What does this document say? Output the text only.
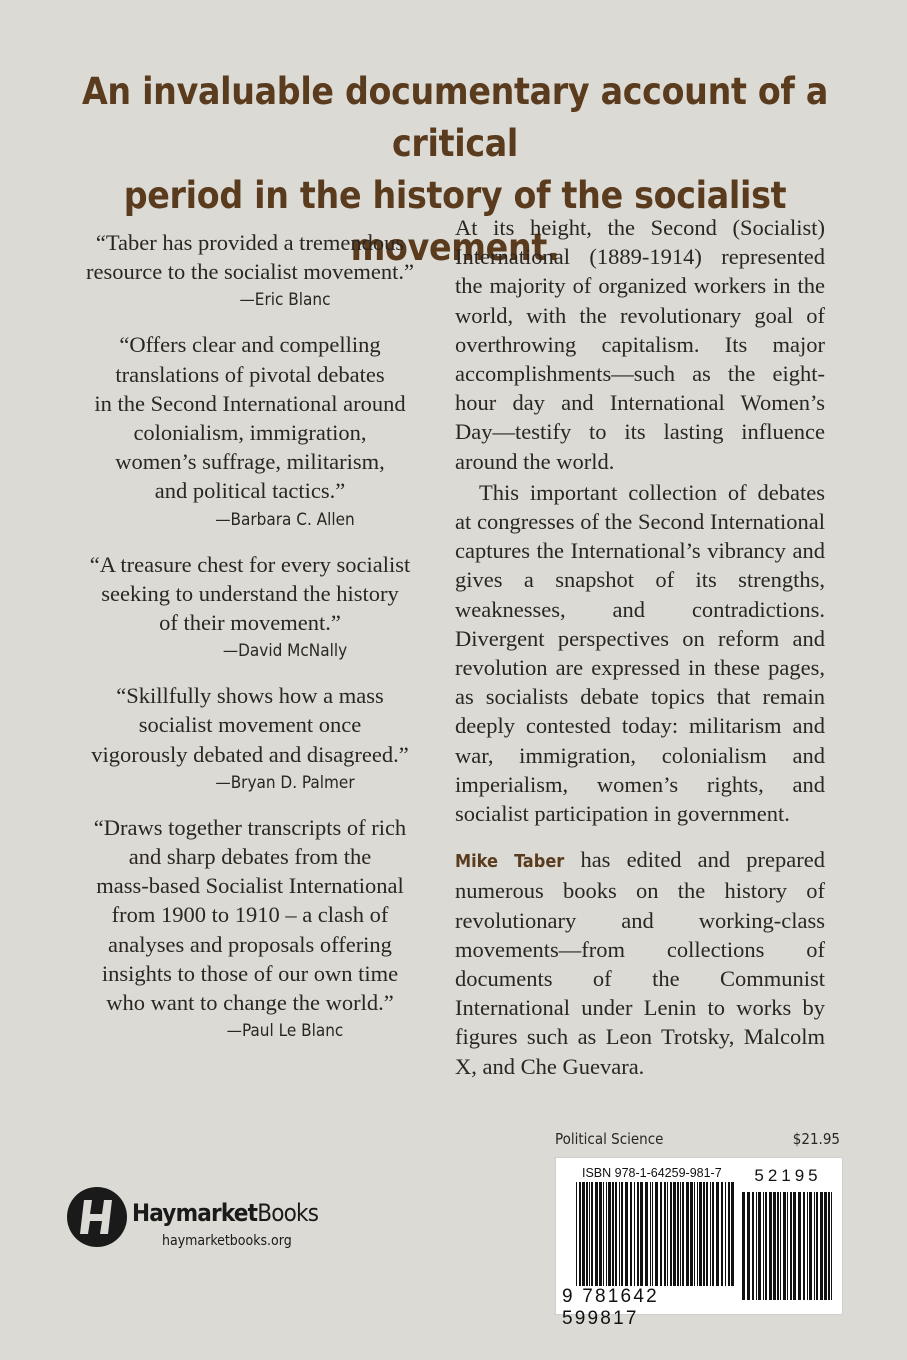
An invaluable documentary account of a critical
period in the history of the socialist movement.

“Taber has provided a tremendous

resource to the socialist movement.”

—Eric Blanc

“Offers clear and compelling

translations of pivotal debates

in the Second International around

colonialism, immigration,

women’s suffrage, militarism,

and political tactics.”

—Barbara C. Allen

“A treasure chest for every socialist

seeking to understand the history

of their movement.”

—David McNally

“Skillfully shows how a mass

socialist movement once

vigorously debated and disagreed.”

—Bryan D. Palmer

“Draws together transcripts of rich

and sharp debates from the

mass-based Socialist International

from 1900 to 1910 – a clash of

analyses and proposals offering

insights to those of our own time

who want to change the world.”

—Paul Le Blanc

At its height, the Second (Socialist) International (1889-1914) represented the majority of organized workers in the world, with the revolutionary goal of overthrowing capitalism. Its major accomplishments—such as the eight-hour day and International Women’s Day—testify to its lasting influence around the world.

This important collection of debates at congresses of the Second International captures the International’s vibrancy and gives a snapshot of its strengths, weaknesses, and contradictions. Divergent perspectives on reform and revolution are expressed in these pages, as socialists debate topics that remain deeply contested today: militarism and war, immigration, colonialism and imperialism, women’s rights, and socialist participation in government.

Mike Taber has edited and prepared numerous books on the history of revolutionary and working-class movements—from collections of documents of the Communist International under Lenin to works by figures such as Leon Trotsky, Malcolm X, and Che Guevara.

Political Science	$21.95
ISBN 978-1-64259-981-7	52195
9 781642 599817
HaymarketBooks
haymarketbooks.org
